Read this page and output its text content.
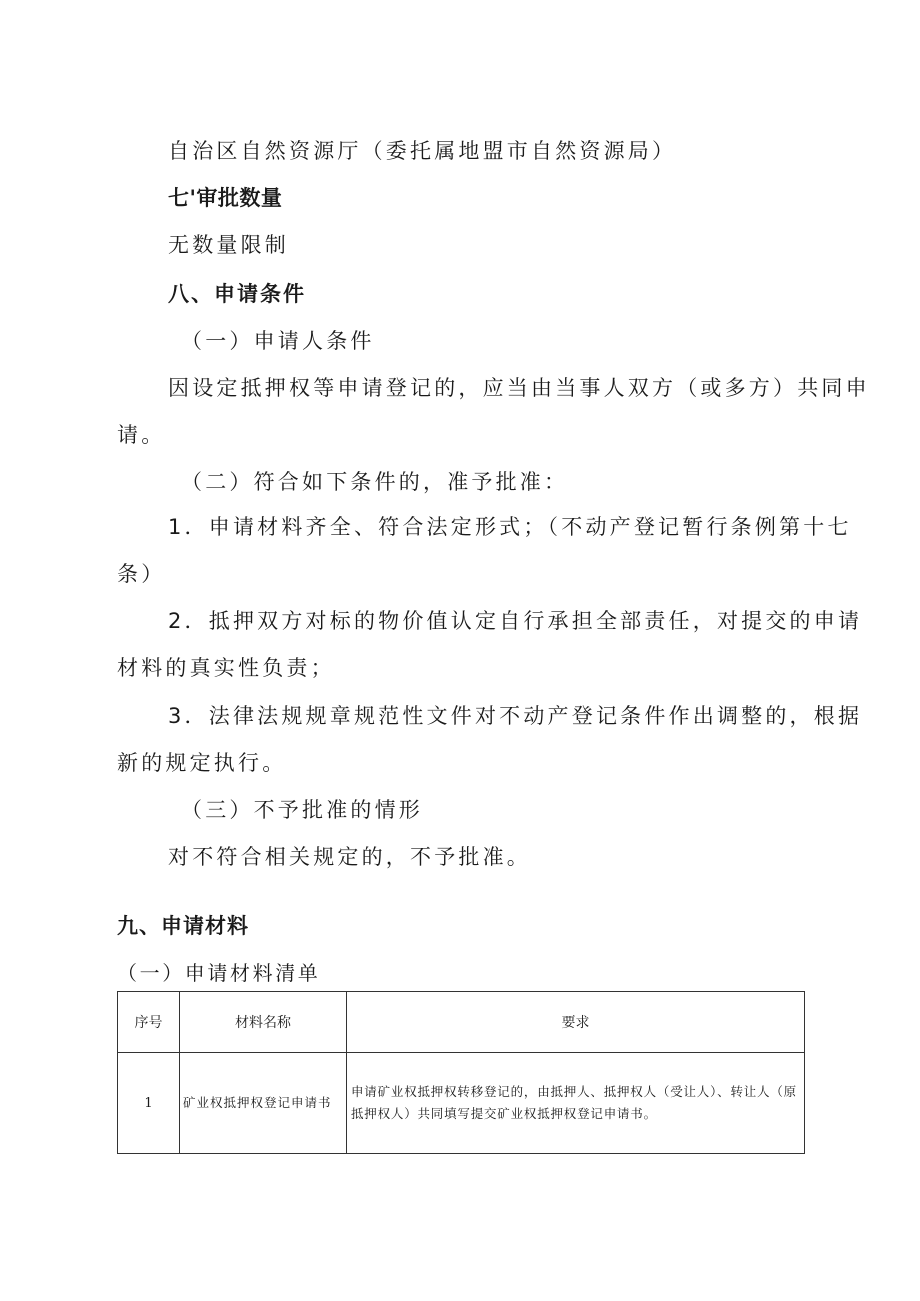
自治区自然资源厅（委托属地盟市自然资源局）
七'审批数量
无数量限制
八、申请条件
（一）申请人条件
因设定抵押权等申请登记的，应当由当事人双方（或多方）共同申
请。
（二）符合如下条件的，准予批准：
1．申请材料齐全、符合法定形式；（不动产登记暂行条例第十七
条）
2．抵押双方对标的物价值认定自行承担全部责任，对提交的申请
材料的真实性负责；
3．法律法规规章规范性文件对不动产登记条件作出调整的，根据
新的规定执行。
（三）不予批准的情形
对不符合相关规定的，不予批准。
九、申请材料
（一）申请材料清单
序号	材料名称	要求
1	矿业权抵押权登记申请书	申请矿业权抵押权转移登记的，由抵押人、抵押权人（受让人）、转让人（原抵押权人）共同填写提交矿业权抵押权登记申请书。
